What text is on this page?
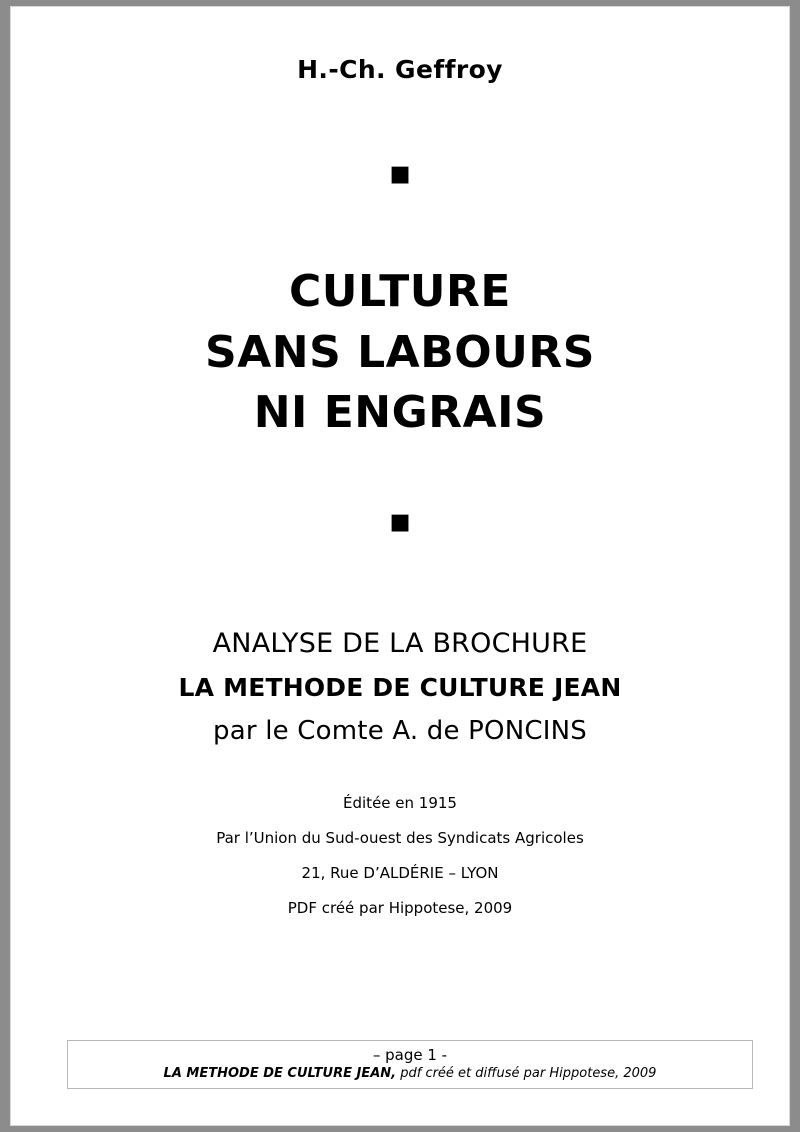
H.-Ch. Geffroy
▪
CULTURE
SANS LABOURS
NI ENGRAIS
▪
ANALYSE DE LA BROCHURE
LA METHODE DE CULTURE JEAN
par le Comte A. de PONCINS
Éditée en 1915
Par l’Union du Sud-ouest des Syndicats Agricoles
21, Rue D’ALDÉRIE – LYON
PDF créé par Hippotese, 2009
– page 1 -
LA METHODE DE CULTURE JEAN, pdf créé et diffusé par Hippotese, 2009
